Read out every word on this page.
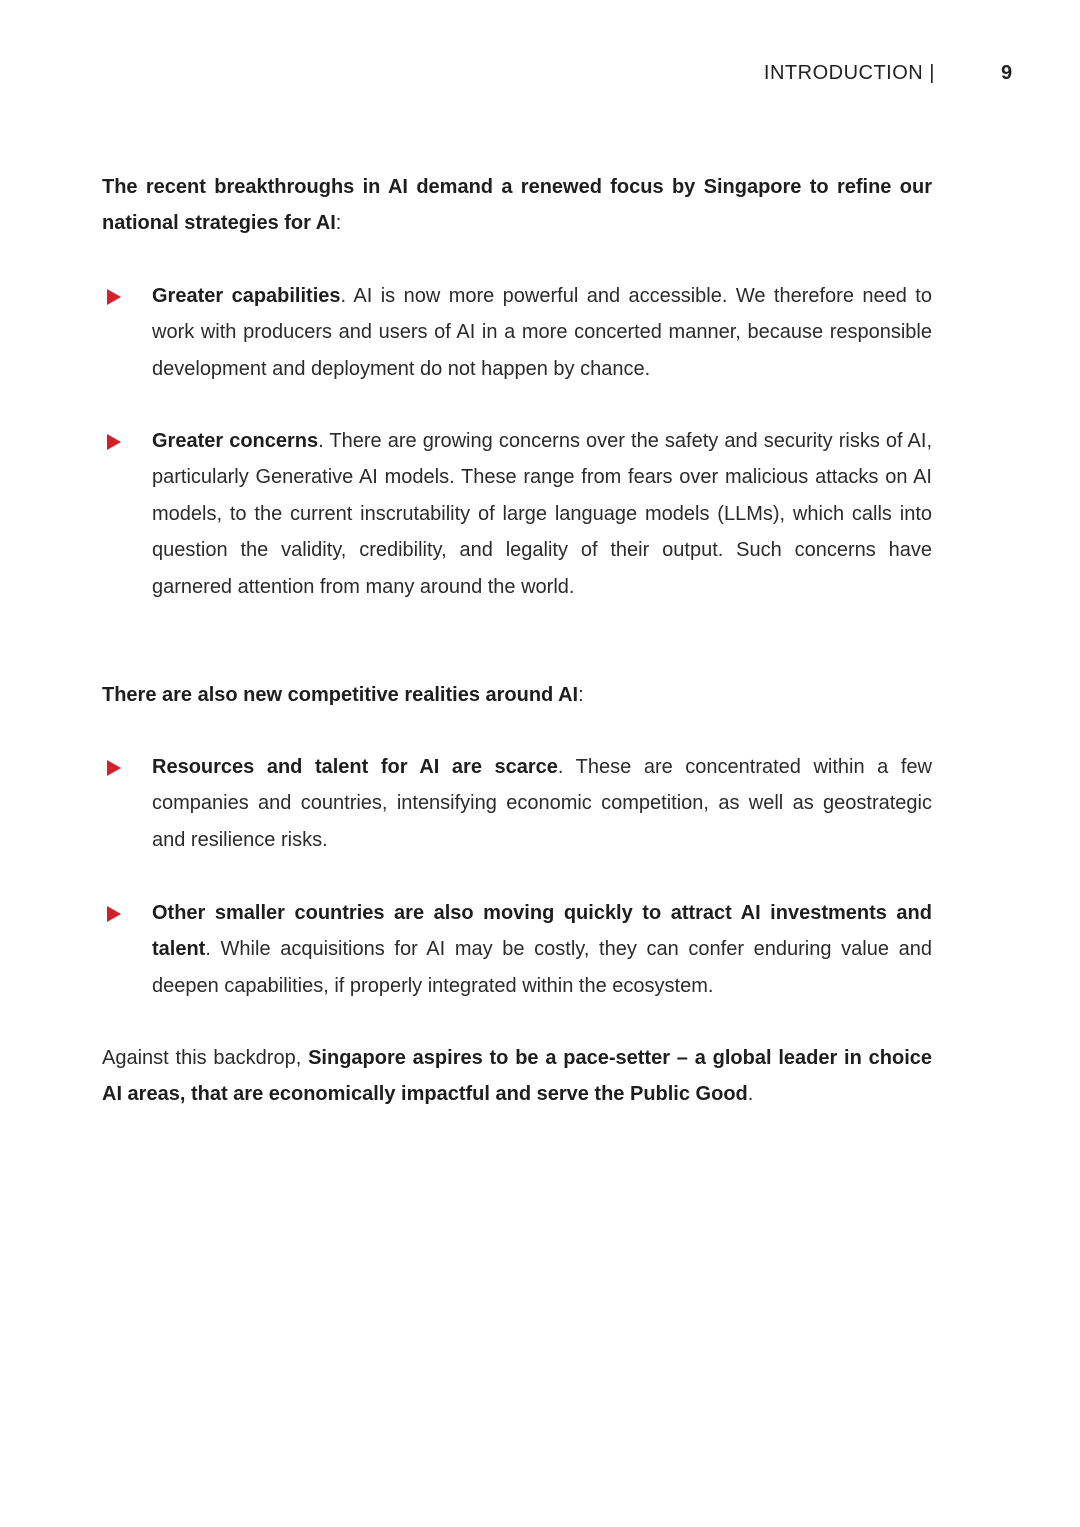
INTRODUCTION |	9
The recent breakthroughs in AI demand a renewed focus by Singapore to refine our national strategies for AI:
Greater capabilities. AI is now more powerful and accessible. We therefore need to work with producers and users of AI in a more concerted manner, because responsible development and deployment do not happen by chance.
Greater concerns. There are growing concerns over the safety and security risks of AI, particularly Generative AI models. These range from fears over malicious attacks on AI models, to the current inscrutability of large language models (LLMs), which calls into question the validity, credibility, and legality of their output. Such concerns have garnered attention from many around the world.
There are also new competitive realities around AI:
Resources and talent for AI are scarce. These are concentrated within a few companies and countries, intensifying economic competition, as well as geostrategic and resilience risks.
Other smaller countries are also moving quickly to attract AI investments and talent. While acquisitions for AI may be costly, they can confer enduring value and deepen capabilities, if properly integrated within the ecosystem.
Against this backdrop, Singapore aspires to be a pace-setter – a global leader in choice AI areas, that are economically impactful and serve the Public Good.
